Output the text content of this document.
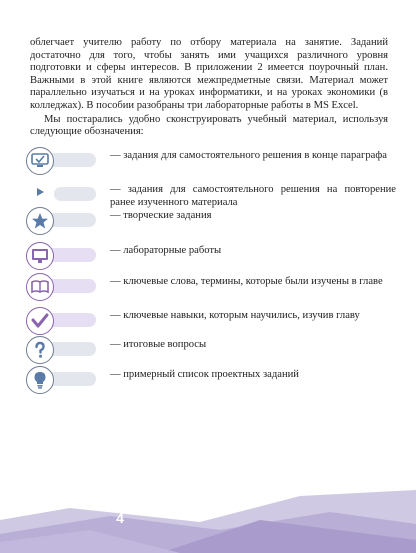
облегчает учителю работу по отбору материала на занятие. Заданий достаточно для того, чтобы занять ими учащихся различного уровня подготовки и сферы интересов. В приложении 2 имеется поурочный план. Важными в этой книге являются межпредметные связи. Материал может параллельно изучаться и на уроках информатики, и на уроках экономики (в колледжах). В пособии разобраны три лабораторные работы в MS Excel.

Мы постарались удобно сконструировать учебный материал, используя следующие обозначения:

— задания для самостоятельного решения в конце параграфа
— задания для самостоятельного решения на повторение ранее изученного материала
— творческие задания
— лабораторные работы
— ключевые слова, термины, которые были изучены в главе
— ключевые навыки, которым научились, изучив главу
— итоговые вопросы
— примерный список проектных заданий
4
